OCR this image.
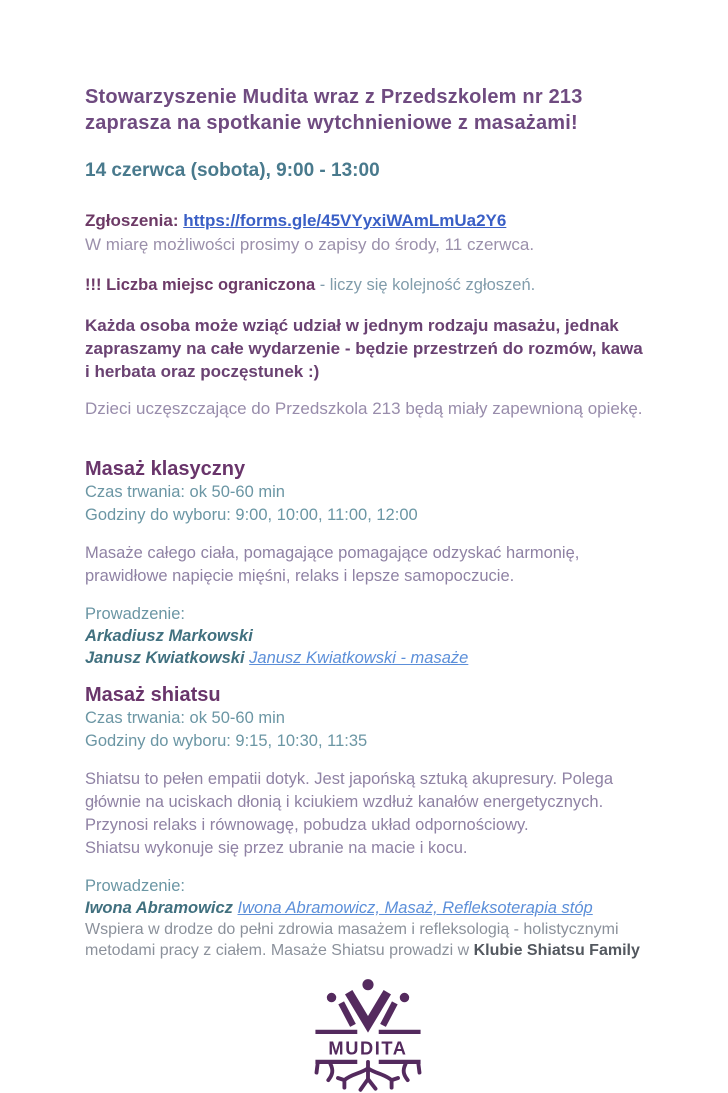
Stowarzyszenie Mudita wraz z Przedszkolem nr 213 zaprasza na spotkanie wytchnieniowe z masażami!
14 czerwca (sobota), 9:00 - 13:00
Zgłoszenia: https://forms.gle/45VYyxiWAmLmUa2Y6
W miarę możliwości prosimy o zapisy do środy, 11 czerwca.
!!! Liczba miejsc ograniczona - liczy się kolejność zgłoszeń.
Każda osoba może wziąć udział w jednym rodzaju masażu, jednak zapraszamy na całe wydarzenie - będzie przestrzeń do rozmów, kawa i herbata oraz poczęstunek :)
Dzieci uczęszczające do Przedszkola 213 będą miały zapewnioną opiekę.
Masaż klasyczny
Czas trwania: ok 50-60 min
Godziny do wyboru: 9:00, 10:00, 11:00, 12:00
Masaże całego ciała, pomagające pomagające odzyskać harmonię, prawidłowe napięcie mięśni, relaks i lepsze samopoczucie.
Prowadzenie:
Arkadiusz Markowski
Janusz Kwiatkowski Janusz Kwiatkowski - masaże
Masaż shiatsu
Czas trwania: ok 50-60 min
Godziny do wyboru: 9:15, 10:30, 11:35
Shiatsu to pełen empatii dotyk. Jest japońską sztuką akupresury. Polega głównie na uciskach dłonią i kciukiem wzdłuż kanałów energetycznych.
Przynosi relaks i równowagę, pobudza układ odpornościowy.
Shiatsu wykonuje się przez ubranie na macie i kocu.
Prowadzenie:
Iwona Abramowicz Iwona Abramowicz, Masaż, Refleksoterapia stóp
Wspiera w drodze do pełni zdrowia masażem i refleksologią - holistycznymi metodami pracy z ciałem. Masaże Shiatsu prowadzi w Klubie Shiatsu Family
MUDITA
